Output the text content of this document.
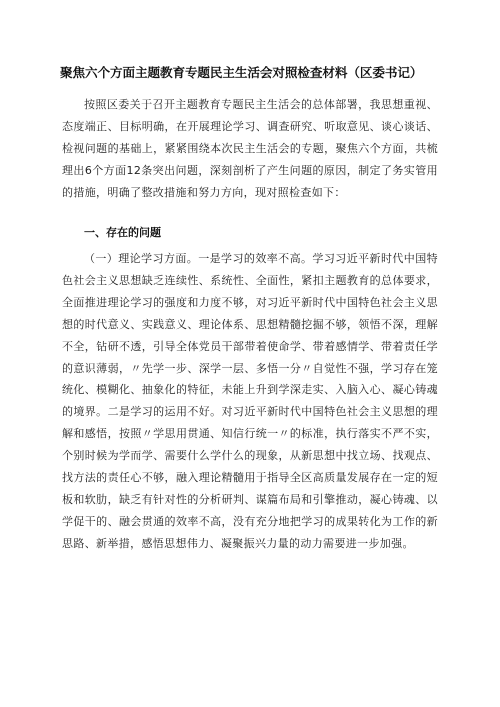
聚焦六个方面主题教育专题民主生活会对照检查材料（区委书记）

按照区委关于召开主题教育专题民主生活会的总体部署，我思想重视、态度端正、目标明确，在开展理论学习、调查研究、听取意见、谈心谈话、检视问题的基础上，紧紧围绕本次民主生活会的专题，聚焦六个方面，共梳理出6个方面12条突出问题，深刻剖析了产生问题的原因，制定了务实管用的措施，明确了整改措施和努力方向，现对照检查如下：

一、存在的问题

（一）理论学习方面。一是学习的效率不高。学习习近平新时代中国特色社会主义思想缺乏连续性、系统性、全面性，紧扣主题教育的总体要求，全面推进理论学习的强度和力度不够，对习近平新时代中国特色社会主义思想的时代意义、实践意义、理论体系、思想精髓挖掘不够，领悟不深，理解不全，钻研不透，引导全体党员干部带着使命学、带着感情学、带着责任学的意识薄弱，〃先学一步、深学一层、多悟一分〃自觉性不强，学习存在笼统化、模糊化、抽象化的特征，未能上升到学深走实、入脑入心、凝心铸魂的境界。二是学习的运用不好。对习近平新时代中国特色社会主义思想的理解和感悟，按照〃学思用贯通、知信行统一〃的标准，执行落实不严不实，个别时候为学而学、需要什么学什么的现象，从新思想中找立场、找观点、找方法的责任心不够，融入理论精髓用于指导全区高质量发展存在一定的短板和软肋，缺乏有针对性的分析研判、谋篇布局和引擎推动，凝心铸魂、以学促干的、融会贯通的效率不高，没有充分地把学习的成果转化为工作的新思路、新举措，感悟思想伟力、凝聚振兴力量的动力需要进一步加强。
